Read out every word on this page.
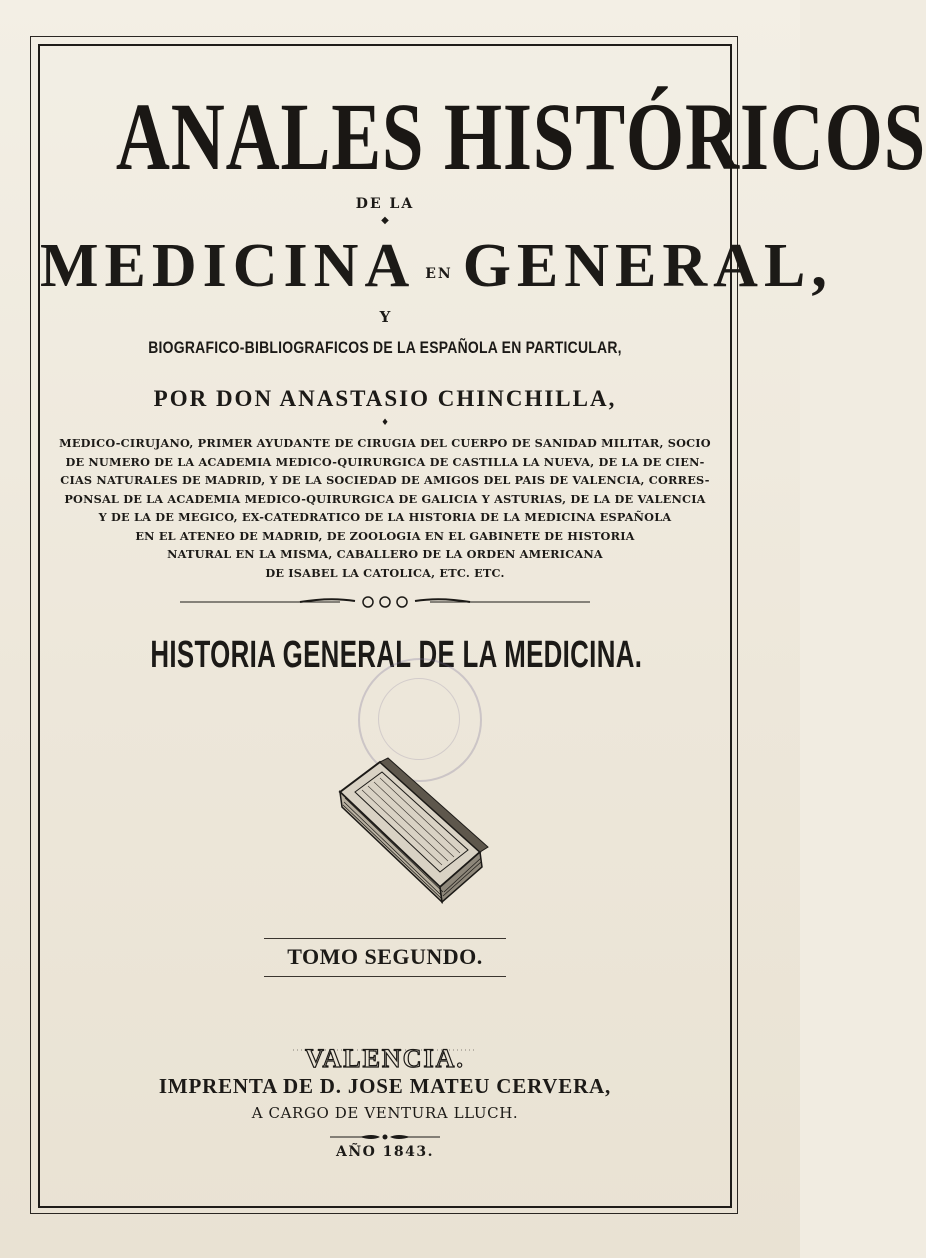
ANALES HISTÓRICOS
DE LA
◆
MEDICINA EN GENERAL,
Y
BIOGRAFICO-BIBLIOGRAFICOS DE LA ESPAÑOLA EN PARTICULAR,
POR DON ANASTASIO CHINCHILLA,
♦
MEDICO-CIRUJANO, PRIMER AYUDANTE DE CIRUGIA DEL CUERPO DE SANIDAD MILITAR, SOCIO
DE NUMERO DE LA ACADEMIA MEDICO-QUIRURGICA DE CASTILLA LA NUEVA, DE LA DE CIEN-
CIAS NATURALES DE MADRID, Y DE LA SOCIEDAD DE AMIGOS DEL PAIS DE VALENCIA, CORRES-
PONSAL DE LA ACADEMIA MEDICO-QUIRURGICA DE GALICIA Y ASTURIAS, DE LA DE VALENCIA
Y DE LA DE MEGICO, EX-CATEDRATICO DE LA HISTORIA DE LA MEDICINA ESPAÑOLA
EN EL ATENEO DE MADRID, DE ZOOLOGIA EN EL GABINETE DE HISTORIA
NATURAL EN LA MISMA, CABALLERO DE LA ORDEN AMERICANA
DE ISABEL LA CATOLICA, ETC. ETC.
HISTORIA GENERAL DE LA MEDICINA.
TOMO SEGUNDO.
VALENCIA.
IMPRENTA DE D. JOSE MATEU CERVERA,
A CARGO DE VENTURA LLUCH.
AÑO 1843.
